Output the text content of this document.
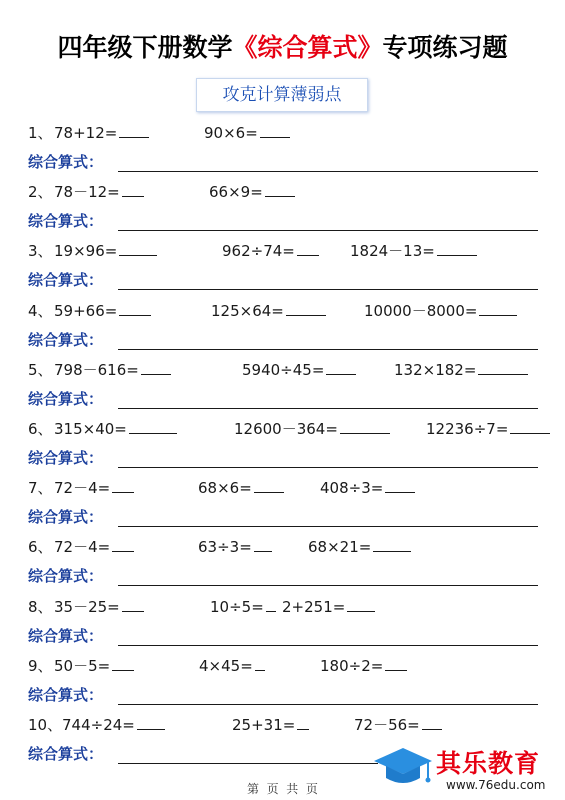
四年级下册数学《综合算式》专项练习题
攻克计算薄弱点
1、 78+12=	90×6=
综合算式：
2、 78－12=	66×9=
综合算式：
3、 19×96=	962÷74=	1824－13=
综合算式：
4、 59+66=	125×64=	10000－8000=
综合算式：
5、 798－616=	5940÷45=	132×182=
综合算式：
6、 315×40=	12600－364=	12236÷7=
综合算式：
7、 72－4=	68×6=	408÷3=
综合算式：
6、 72－4=	63÷3=	68×21=
综合算式：
8、 35－25=	10÷5=	2+251=
综合算式：
9、 50－5=	4×45=	180÷2=
综合算式：
10、 744÷24=	25+31=	72－56=
综合算式：
第  页  共  页
其乐教育
www.76edu.com
